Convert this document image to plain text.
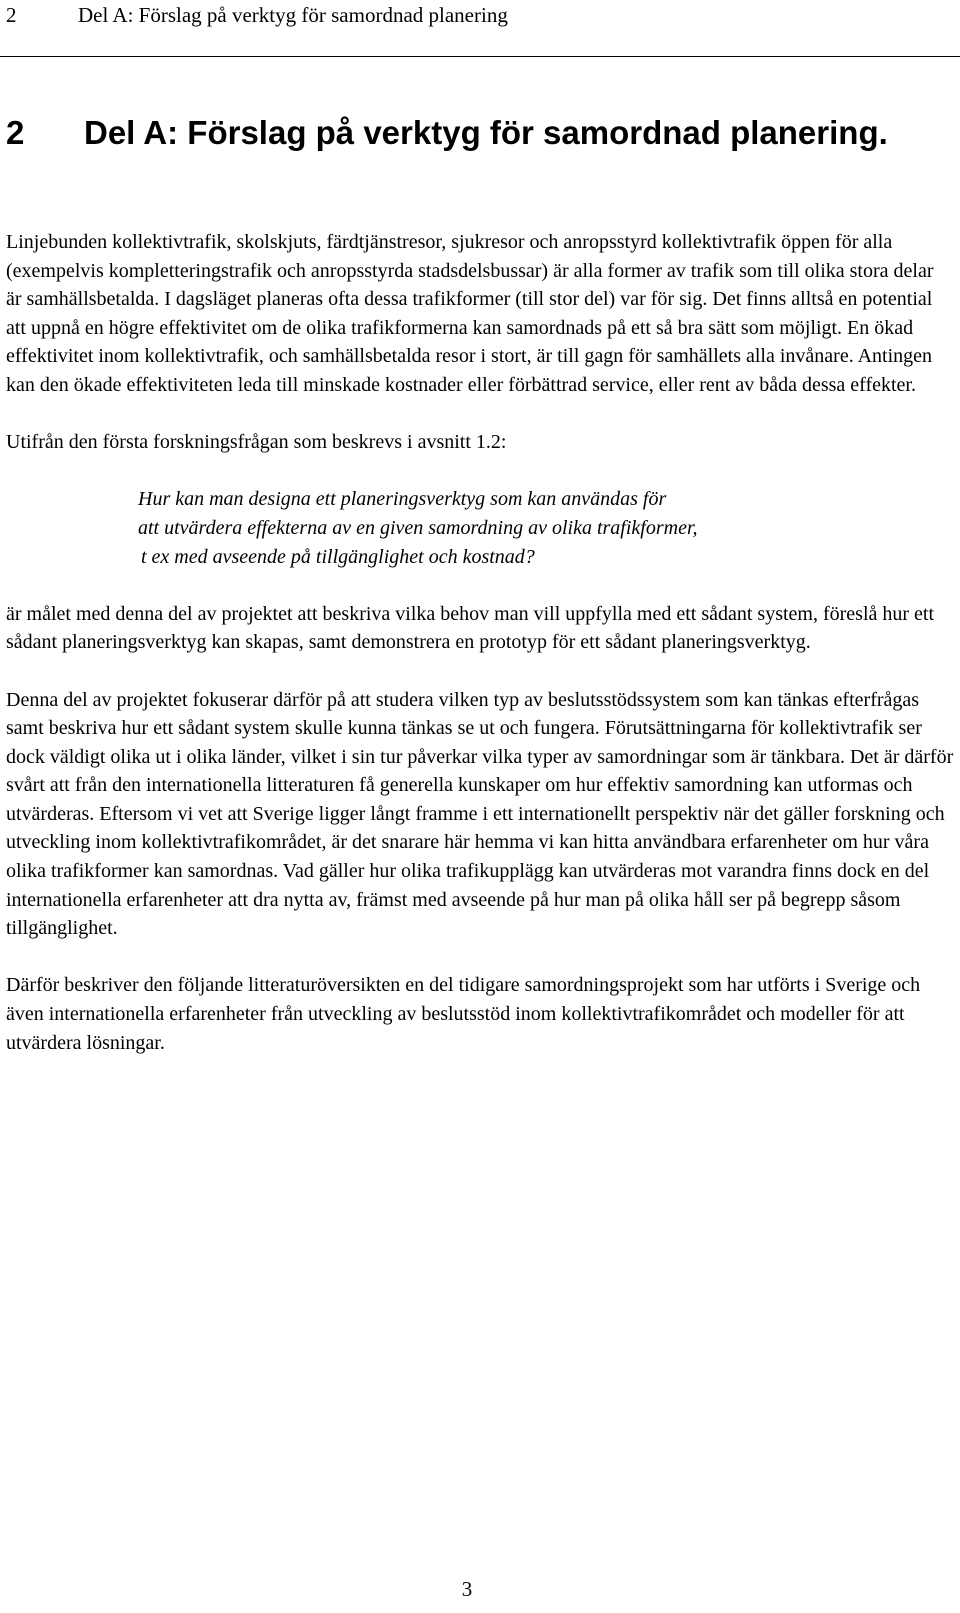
2	Del A: Förslag på verktyg för samordnad planering
2 Del A: Förslag på verktyg för samordnad planering.

Linjebunden kollektivtrafik, skolskjuts, färdtjänstresor, sjukresor och anropsstyrd kollektivtrafik öppen för alla (exempelvis kompletteringstrafik och anropsstyrda stadsdelsbussar) är alla former av trafik som till olika stora delar är samhällsbetalda. I dagsläget planeras ofta dessa trafikformer (till stor del) var för sig. Det finns alltså en potential att uppnå en högre effektivitet om de olika trafikformerna kan samordnads på ett så bra sätt som möjligt. En ökad effektivitet inom kollektivtrafik, och samhällsbetalda resor i stort, är till gagn för samhällets alla invånare. Antingen kan den ökade effektiviteten leda till minskade kostnader eller förbättrad service, eller rent av båda dessa effekter.

Utifrån den första forskningsfrågan som beskrevs i avsnitt 1.2:

Hur kan man designa ett planeringsverktyg som kan användas för
att utvärdera effekterna av en given samordning av olika trafikformer,
t ex med avseende på tillgänglighet och kostnad?

är målet med denna del av projektet att beskriva vilka behov man vill uppfylla med ett sådant system, föreslå hur ett sådant planeringsverktyg kan skapas, samt demonstrera en prototyp för ett sådant planeringsverktyg.

Denna del av projektet fokuserar därför på att studera vilken typ av beslutsstödssystem som kan tänkas efterfrågas samt beskriva hur ett sådant system skulle kunna tänkas se ut och fungera. Förutsättningarna för kollektivtrafik ser dock väldigt olika ut i olika länder, vilket i sin tur påverkar vilka typer av samordningar som är tänkbara. Det är därför svårt att från den internationella litteraturen få generella kunskaper om hur effektiv samordning kan utformas och utvärderas. Eftersom vi vet att Sverige ligger långt framme i ett internationellt perspektiv när det gäller forskning och utveckling inom kollektivtrafikområdet, är det snarare här hemma vi kan hitta användbara erfarenheter om hur våra olika trafikformer kan samordnas. Vad gäller hur olika trafikupplägg kan utvärderas mot varandra finns dock en del internationella erfarenheter att dra nytta av, främst med avseende på hur man på olika håll ser på begrepp såsom tillgänglighet.

Därför beskriver den följande litteraturöversikten en del tidigare samordningsprojekt som har utförts i Sverige och även internationella erfarenheter från utveckling av beslutsstöd inom kollektivtrafikområdet och modeller för att utvärdera lösningar.

3
